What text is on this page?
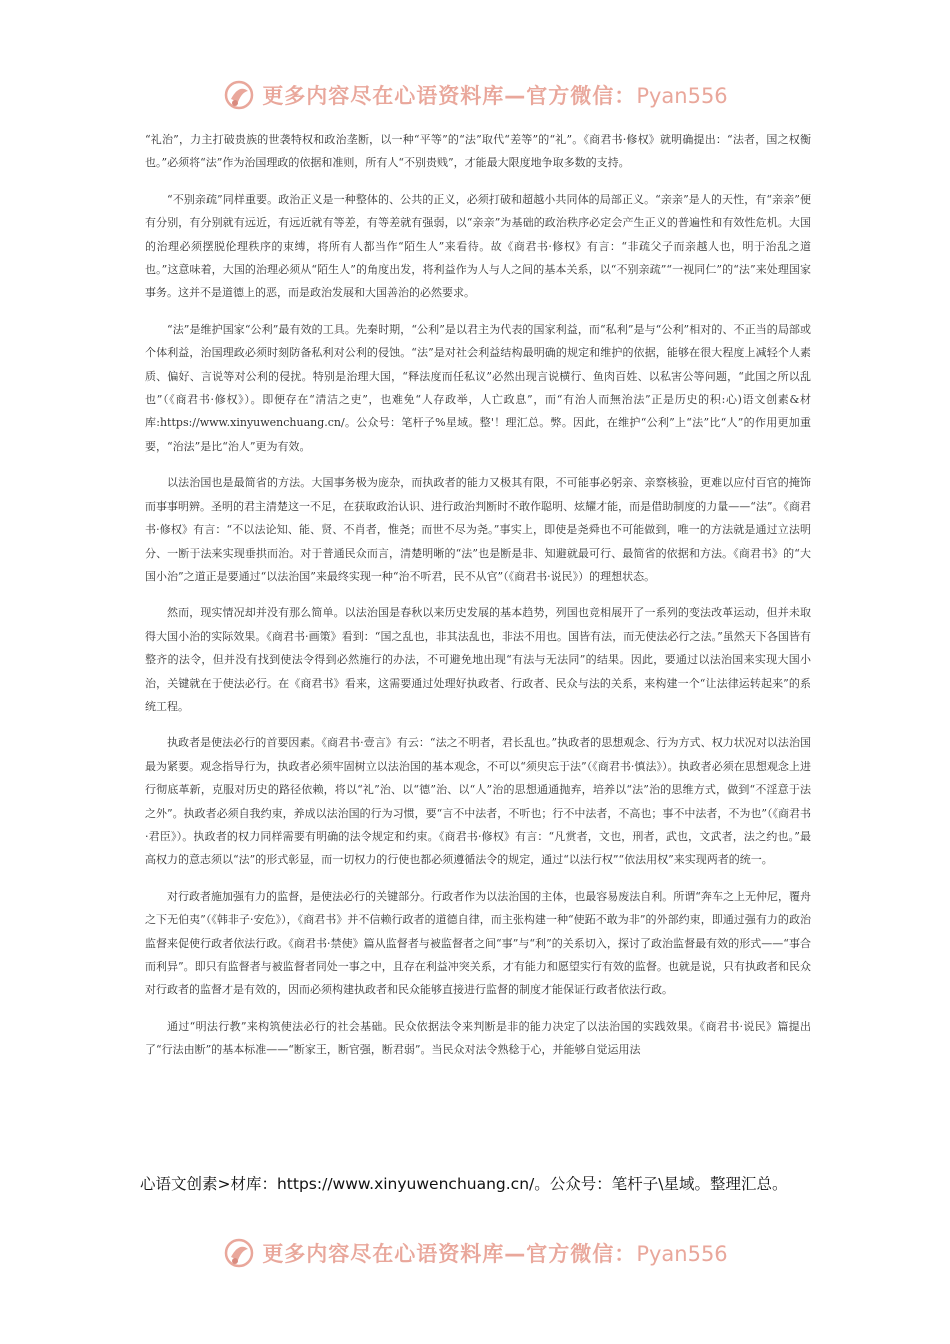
更多内容尽在心语资料库—官方微信：Pyan556

“礼治”，力主打破贵族的世袭特权和政治垄断，以一种“平等”的“法”取代“差等”的“礼”。《商君书·修权》就明确提出：“法者，国之权衡也。”必须将“法”作为治国理政的依据和准则，所有人“不别贵贱”，才能最大限度地争取多数的支持。

“不别亲疏”同样重要。政治正义是一种整体的、公共的正义，必须打破和超越小共同体的局部正义。“亲亲”是人的天性，有“亲亲”便有分别，有分别就有远近，有远近就有等差，有等差就有强弱，以“亲亲”为基础的政治秩序必定会产生正义的普遍性和有效性危机。大国的治理必须摆脱伦理秩序的束缚，将所有人都当作“陌生人”来看待。故《商君书·修权》有言：“非疏父子而亲越人也，明于治乱之道也。”这意味着，大国的治理必须从“陌生人”的角度出发，将利益作为人与人之间的基本关系，以“不别亲疏”“一视同仁”的“法”来处理国家事务。这并不是道德上的恶，而是政治发展和大国善治的必然要求。

“法”是维护国家“公利”最有效的工具。先秦时期，“公利”是以君主为代表的国家利益，而“私利”是与“公利”相对的、不正当的局部或个体利益，治国理政必须时刻防备私利对公利的侵蚀。“法”是对社会利益结构最明确的规定和维护的依据，能够在很大程度上减轻个人素质、偏好、言说等对公利的侵扰。特别是治理大国，“释法度而任私议”必然出现言说横行、鱼肉百姓、以私害公等问题，“此国之所以乱也”（《商君书·修权》）。即便存在“清洁之吏”，也难免“人存政举，人亡政息”，而“有治人而無治法”正是历史的积:心)语文创素&材库:https://www.xinyuwenchuang.cn/。公众号：笔杆子%星域。整'！理汇总。弊。因此，在维护“公利”上“法”比“人”的作用更加重要，“治法”是比“治人”更为有效。

以法治国也是最简省的方法。大国事务极为庞杂，而执政者的能力又极其有限，不可能事必躬亲、亲察核验，更难以应付百官的掩饰而事事明辨。圣明的君主清楚这一不足，在获取政治认识、进行政治判断时不敢作聪明、炫耀才能，而是借助制度的力量——“法”。《商君书·修权》有言：“不以法论知、能、贤、不肖者，惟尧；而世不尽为尧。”事实上，即使是尧舜也不可能做到，唯一的方法就是通过立法明分、一断于法来实现垂拱而治。对于普通民众而言，清楚明晰的“法”也是断是非、知避就最可行、最简省的依据和方法。《商君书》的“大国小治”之道正是要通过“以法治国”来最终实现一种“治不听君，民不从官”（《商君书·说民》）的理想状态。

然而，现实情况却并没有那么简单。以法治国是春秋以来历史发展的基本趋势，列国也竞相展开了一系列的变法改革运动，但并未取得大国小治的实际效果。《商君书·画策》看到：“国之乱也，非其法乱也，非法不用也。国皆有法，而无使法必行之法。”虽然天下各国皆有整齐的法令，但并没有找到使法令得到必然施行的办法，不可避免地出现“有法与无法同”的结果。因此，要通过以法治国来实现大国小治，关键就在于使法必行。在《商君书》看来，这需要通过处理好执政者、行政者、民众与法的关系，来构建一个“让法律运转起来”的系统工程。

执政者是使法必行的首要因素。《商君书·壹言》有云：“法之不明者，君长乱也。”执政者的思想观念、行为方式、权力状况对以法治国最为紧要。观念指导行为，执政者必须牢固树立以法治国的基本观念，不可以“须臾忘于法”（《商君书·慎法》）。执政者必须在思想观念上进行彻底革新，克服对历史的路径依赖，将以“礼”治、以“德”治、以“人”治的思想通通抛弃，培养以“法”治的思维方式，做到“不淫意于法之外”。执政者必须自我约束，养成以法治国的行为习惯，要“言不中法者，不听也；行不中法者，不高也；事不中法者，不为也”（《商君书·君臣》）。执政者的权力同样需要有明确的法令规定和约束。《商君书·修权》有言：“凡赏者，文也，刑者，武也，文武者，法之约也。”最高权力的意志须以“法”的形式彰显，而一切权力的行使也都必须遵循法令的规定，通过“以法行权”“依法用权”来实现两者的统一。

对行政者施加强有力的监督，是使法必行的关键部分。行政者作为以法治国的主体，也最容易废法自利。所谓“奔车之上无仲尼，覆舟之下无伯夷”（《韩非子·安危》），《商君书》并不信赖行政者的道德自律，而主张构建一种“使跖不敢为非”的外部约束，即通过强有力的政治监督来促使行政者依法行政。《商君书·禁使》篇从监督者与被监督者之间“事”与“利”的关系切入，探讨了政治监督最有效的形式——“事合而利异”。即只有监督者与被监督者同处一事之中，且存在利益冲突关系，才有能力和愿望实行有效的监督。也就是说，只有执政者和民众对行政者的监督才是有效的，因而必须构建执政者和民众能够直接进行监督的制度才能保证行政者依法行政。

通过“明法行教”来构筑使法必行的社会基础。民众依据法令来判断是非的能力决定了以法治国的实践效果。《商君书·说民》篇提出了“行法由断”的基本标准——“断家王，断官强，断君弱”。当民众对法令熟稔于心，并能够自觉运用法

心语文创素>材库：https://www.xinyuwenchuang.cn/。公众号：笔杆子\星域。整理汇总。
更多内容尽在心语资料库—官方微信：Pyan556
